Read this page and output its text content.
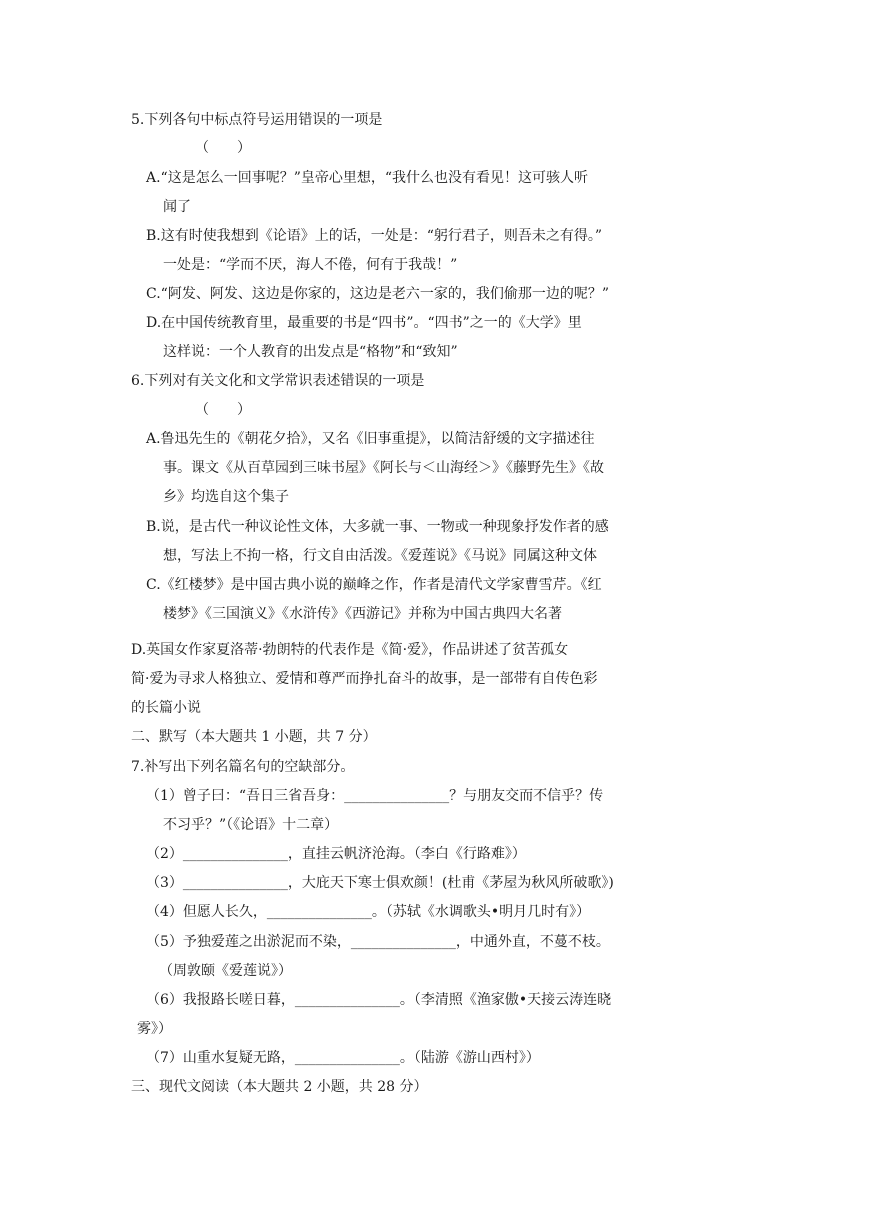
5.下列各句中标点符号运用错误的一项是
（　　）
A.“这是怎么一回事呢？”皇帝心里想，“我什么也没有看见！这可骇人听
闻了
B.这有时使我想到《论语》上的话，一处是：“躬行君子，则吾未之有得。”
一处是：“学而不厌，海人不倦，何有于我哉！”
C.“阿发、阿发、这边是你家的，这边是老六一家的，我们偷那一边的呢？”
D.在中国传统教育里，最重要的书是“四书”。“四书”之一的《大学》里
这样说：一个人教育的出发点是“格物”和“致知”
6.下列对有关文化和文学常识表述错误的一项是
（　　）
A.鲁迅先生的《朝花夕拾》，又名《旧事重提》，以简洁舒缓的文字描述往
事。课文《从百草园到三味书屋》《阿长与＜山海经＞》《藤野先生》《故
乡》均选自这个集子
B.说，是古代一种议论性文体，大多就一事、一物或一种现象抒发作者的感
想，写法上不拘一格，行文自由活泼。《爱莲说》《马说》同属这种文体
C.《红楼梦》是中国古典小说的巅峰之作，作者是清代文学家曹雪芹。《红
楼梦》《三国演义》《水浒传》《西游记》并称为中国古典四大名著
D.英国女作家夏洛蒂·勃朗特的代表作是《简·爱》，作品讲述了贫苦孤女
简·爱为寻求人格独立、爱情和尊严而挣扎奋斗的故事，是一部带有自传色彩
的长篇小说
二、默写（本大题共 1 小题，共 7 分）
7.补写出下列名篇名句的空缺部分。
（1）曾子曰：“吾日三省吾身：_______________？与朋友交而不信乎？传
不习乎？”（《论语》十二章）
（2）_______________，直挂云帆济沧海。（李白《行路难》）
（3）_______________，大庇天下寒士俱欢颜！(杜甫《茅屋为秋风所破歌》)
（4）但愿人长久，_______________。（苏轼《水调歌头•明月几时有》）
（5）予独爱莲之出淤泥而不染，_______________，中通外直，不蔓不枝。
（周敦颐《爱莲说》）
（6）我报路长嗟日暮，_______________。（李清照《渔家傲•天接云涛连晓
雾》）
（7）山重水复疑无路，_______________。（陆游《游山西村》）
三、现代文阅读（本大题共 2 小题，共 28 分）
